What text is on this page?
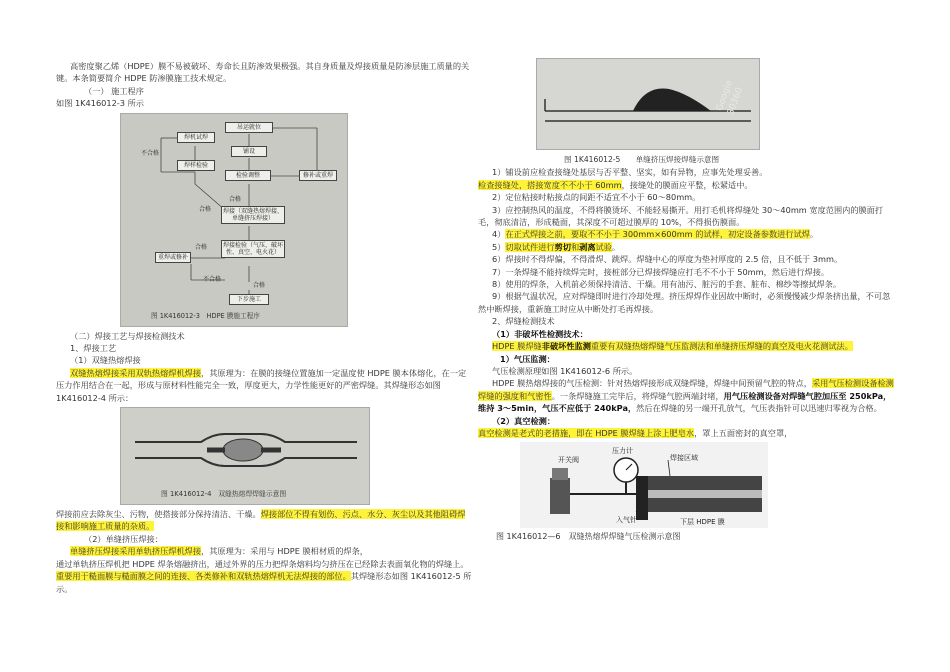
高密度聚乙烯（HDPE）膜不易被破坏、寿命长且防渗效果极强。其自身质量及焊接质量是防渗层施工质量的关键。本条简要简介 HDPE 防渗膜施工技术规定。

（一） 施工程序

如图 1K416012-3 所示

吊运就位
铺设
检验调整
焊机试焊
焊样检验
修补或重焊
焊接（双缝热熔焊接、单缝挤压焊接）
焊接检验（气压、破坏性、真空、电火花）
重焊或修补
下步施工
不合格
合格
合格
合格
不合格
合格
图 1K416012-3　HDPE 膜施工程序

（二）焊接工艺与焊接检测技术

1、焊接工艺

（1）双缝热熔焊接

双缝热熔焊接采用双轨热熔焊机焊接，其原理为：在膜的接缝位置施加一定温度使 HDPE 膜本体熔化，在一定压力作用结合在一起，形成与原材料性能完全一致，厚度更大，力学性能更好的严密焊缝。其焊缝形态如图 1K416012-4 所示：

图 1K416012-4　双缝热熔焊焊缝示意图

焊接前应去除灰尘、污物，使搭接部分保持清洁、干燥。焊接部位不得有划伤、污点、水分、灰尘以及其他阻碍焊接和影响施工质量的杂质。

（2）单缝挤压焊接：

单缝挤压焊接采用单轨挤压焊机焊接，其原理为：采用与 HDPE 膜相材质的焊条，

通过单轨挤压焊机把 HDPE 焊条熔融挤出，通过外界的压力把焊条熔料均匀挤压在已经除去表面氧化物的焊缝上。重要用于糙面膜与糙面膜之间的连接、各类修补和双轨热熔焊机无法焊接的部位。其焊缝形态如图 1K416012-5 所示。

Google 30360

图 1K416012-5　　单缝挤压焊接焊缝示意图

1）铺设前应检查接缝处基层与否平整、坚实，如有异物，应事先处理妥善。

检查接缝处，搭接宽度不不小于 60mm，接缝处的膜面应平整，松紧适中。

2）定位粘接时粘接点的间距不适宜不小于 60～80mm。

3）应控制热风的温度，不得将膜烫坏、不能轻易撕开。用打毛机将焊缝处 30～40mm 宽度范围内的膜面打毛，彻底清洁，形成糙面，其深度不可超过膜厚的 10%，不得损伤膜面。

4）在正式焊接之前，要取不不小于 300mm×600mm 的试样，初定设备参数进行试焊。

5）切取试件进行剪切和剥离试验。

6）焊接时不得焊偏，不得滑焊、跳焊。焊缝中心的厚度为垫衬厚度的 2.5 倍，且不低于 3mm。

7）一条焊缝不能持续焊完时，接桩部分已焊接焊缝应打毛不不小于 50mm，然后进行焊接。

8）使用的焊条，入机前必须保持清洁、干燥。用有油污、脏污的手套、脏布、棉纱等擦拭焊条。

9）根据气温状况，应对焊缝即时进行冷却处理。挤压焊焊作业因故中断时，必须慢慢减少焊条挤出量，不可忽然中断焊接，重新施工时应从中断处打毛再焊接。

2、焊缝检测技术

（1）非破坏性检测技术：

HDPE 膜焊缝非破坏性监测重要有双缝热熔焊缝气压监测法和单缝挤压焊缝的真空及电火花测试法。

1）气压监测：

气压检测原理如图 1K416012-6 所示。

HDPE 膜热熔焊接的气压检测：针对热熔焊接形成双缝焊缝，焊缝中间预留气腔的特点，采用气压检测设备检测焊缝的强度和气密性。一条焊缝施工完毕后，将焊缝气腔两端封堵，用气压检测设备对焊缝气腔加压至 250kPa，维持 3～5min，气压不应低于 240kPa，然后在焊缝的另一端开孔放气，气压表指针可以迅速归零视为合格。

（2）真空检测：

真空检测是老式的老措施，即在 HDPE 膜焊缝上涂上肥皂水，罩上五面密封的真空罩，

开关阀
压力计
焊接区域
入气针	下层 HDPE 膜

图 1K416012—6　双缝热熔焊焊缝气压检测示意图
